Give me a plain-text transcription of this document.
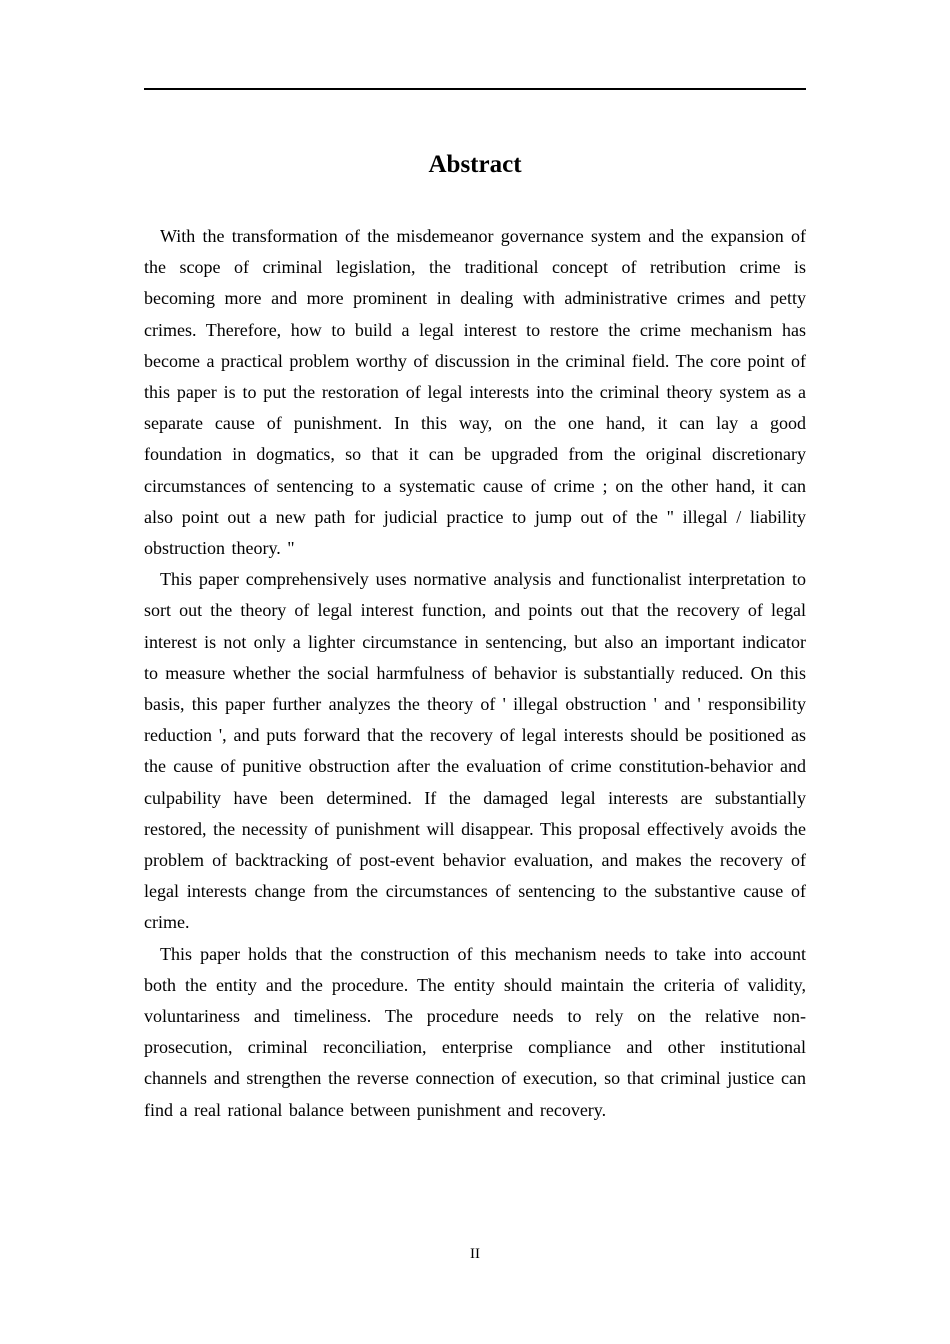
Abstract

With the transformation of the misdemeanor governance system and the expansion of the scope of criminal legislation, the traditional concept of retribution crime is becoming more and more prominent in dealing with administrative crimes and petty crimes. Therefore, how to build a legal interest to restore the crime mechanism has become a practical problem worthy of discussion in the criminal field. The core point of this paper is to put the restoration of legal interests into the criminal theory system as a separate cause of punishment. In this way, on the one hand, it can lay a good foundation in dogmatics, so that it can be upgraded from the original discretionary circumstances of sentencing to a systematic cause of crime ; on the other hand, it can also point out a new path for judicial practice to jump out of the " illegal / liability obstruction theory. "

This paper comprehensively uses normative analysis and functionalist interpretation to sort out the theory of legal interest function, and points out that the recovery of legal interest is not only a lighter circumstance in sentencing, but also an important indicator to measure whether the social harmfulness of behavior is substantially reduced. On this basis, this paper further analyzes the theory of ' illegal obstruction ' and ' responsibility reduction ', and puts forward that the recovery of legal interests should be positioned as the cause of punitive obstruction after the evaluation of crime constitution-behavior and culpability have been determined. If the damaged legal interests are substantially restored, the necessity of punishment will disappear. This proposal effectively avoids the problem of backtracking of post-event behavior evaluation, and makes the recovery of legal interests change from the circumstances of sentencing to the substantive cause of crime.

This paper holds that the construction of this mechanism needs to take into account both the entity and the procedure. The entity should maintain the criteria of validity, voluntariness and timeliness. The procedure needs to rely on the relative non-prosecution, criminal reconciliation, enterprise compliance and other institutional channels and strengthen the reverse connection of execution, so that criminal justice can find a real rational balance between punishment and recovery.

II
